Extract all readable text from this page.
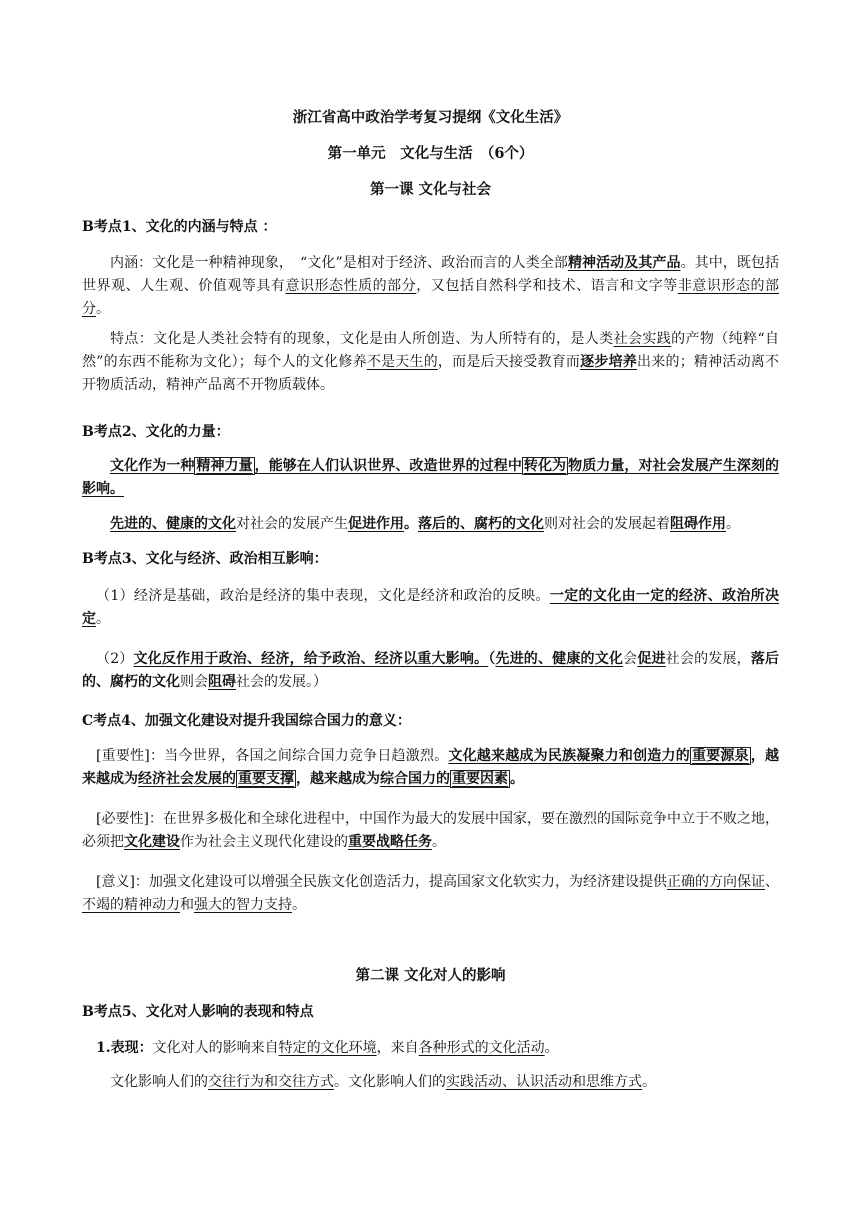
浙江省高中政治学考复习提纲《文化生活》

第一单元　文化与生活　（6个）

第一课 文化与社会

B考点1、文化的内涵与特点 ：

内涵：文化是一种精神现象，　“文化”是相对于经济、政治而言的人类全部精神活动及其产品。其中，既包括世界观、人生观、价值观等具有意识形态性质的部分，又包括自然科学和技术、语言和文字等非意识形态的部分。

特点：文化是人类社会特有的现象，文化是由人所创造、为人所特有的，是人类社会实践的产物（纯粹“自然”的东西不能称为文化）；每个人的文化修养不是天生的，而是后天接受教育而逐步培养出来的；精神活动离不开物质活动，精神产品离不开物质载体。

B考点2、文化的力量：

文化作为一种 精神力量 ，能够在人们认识世界、改造世界的过程中 转化为 物质力量，对社会发展产生深刻的影响。

先进的、健康的文化对社会的发展产生促进作用。落后的、腐朽的文化则对社会的发展起着阻碍作用。

B考点3、文化与经济、政治相互影响：

（1）经济是基础，政治是经济的集中表现，文化是经济和政治的反映。一定的文化由一定的经济、政治所决定。

（2）文化反作用于政治、经济，给予政治、经济以重大影响。（先进的、健康的文化会促进社会的发展，落后的、腐朽的文化则会阻碍社会的发展。）

C考点4、加强文化建设对提升我国综合国力的意义：

[重要性]：当今世界，各国之间综合国力竞争日趋激烈。文化越来越成为民族凝聚力和创造力的 重要源泉 ，越来越成为经济社会发展的 重要支撑 ，越来越成为综合国力的 重要因素 。

[必要性]：在世界多极化和全球化进程中，中国作为最大的发展中国家，要在激烈的国际竞争中立于不败之地，必须把文化建设作为社会主义现代化建设的重要战略任务。

[意义]：加强文化建设可以增强全民族文化创造活力，提高国家文化软实力，为经济建设提供正确的方向保证、不竭的精神动力和强大的智力支持。

第二课 文化对人的影响

B考点5、文化对人影响的表现和特点

1.表现：文化对人的影响来自特定的文化环境，来自各种形式的文化活动。

文化影响人们的交往行为和交往方式。文化影响人们的实践活动、认识活动和思维方式。
